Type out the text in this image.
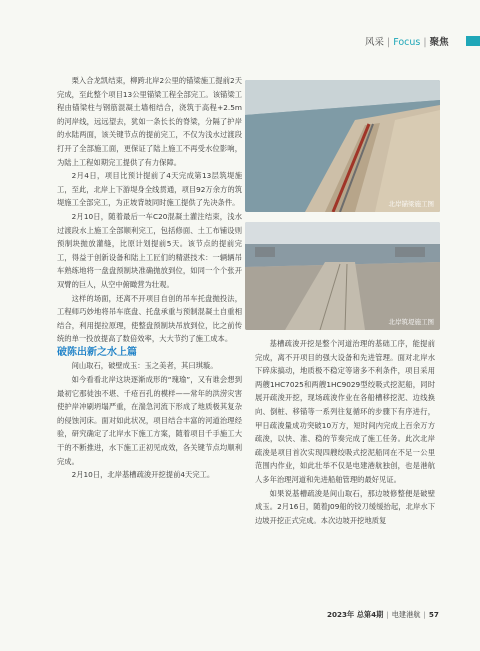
风采 | Focus | 聚焦

栗入合龙凯结束，柳跨北岸2公里的锚梁施工提前2天完成，至此整个项目13公里锚梁工程全部完工。该锚梁工程由锚梁柱与钢筋混凝土墙相结合，浇筑于高程+2.5m的河岸线，远远望去，犹如一条长长的脊梁，分隔了护岸的水陆两面，该关键节点的提前完工，不仅为浅水过渡段打开了全部施工面，更保证了陆上施工不再受水位影响，为陆上工程如期完工提供了有力保障。

2月4日，项目比预计提前了4天完成第13层筑堤施工，至此，北岸上下游堤身全线贯通，项目92万余方的筑堤施工全部完工，为正坡背坡同时施工提供了先决条件。

2月10日，随着最后一车C20混凝土灌注结束，浅水过渡段水上施工全部顺利完工，包括修面、土工布铺设则预制块抛放灌缝，比原计划提前5天。该节点的提前完工，得益于创新设备和陆上工匠们的精湛技术：一辆辆吊车熟练地将一盘盘预制块准确抛放到位，如同一个个张开双臂的巨人，从空中俯瞰营为壮观。

这样的场面，还离不开项目自创的吊车托盘抛投法，工程师巧妙地将吊车底盘、托盘承重与预制混凝土自重相结合，利用提拉原理，使整盘预制块吊放到位，比之前传统的单一投放提高了数倍效率，大大节约了施工成本。

破陈出新之水上篇

间山取石，破壁成玉：玉之美者，其曰琪璇。

如今看看北岸这块逐渐成形的“瑰瑜”，又有谁会想到最初它那徒浊不堪、千疮百孔的模样——常年的洪涝灾害使护岸冲刷坍塌严重，在湍急河流下形成了地质极其复杂的侵蚀河床。面对如此状况，项目结合丰富的河道治理经验，研究确定了北岸水下施工方案，随着项目千手施工大干的不断推进，水下施工正初见成效，各关键节点均顺利完成。

2月10日，北岸基槽疏浚开挖提前4天完工。

北岸锚梁施工图
北岸筑堤施工图

基槽疏浚开挖是整个河道治理的基础工序，能提前完成，离不开项目的强大设备和先进管理。面对北岸水下碎床搞动，地质极不稳定等诸多不利条件，项目采用两艘1HC7025和两艘1HC9029型绞吸式挖泥船，同时展开疏浚开挖，现场疏浚作业在各船槽移挖泥、边线换向、倒桩、移锚等一系列往复循环的步骤下有序进行，甲日疏浚量成功突破10万方，短时间内完成上百余万方疏浚，以快、准、稳的节奏完成了施工任务。此次北岸疏浚是项目首次实现四艘绞吸式挖泥船同在不足一公里范围内作业，如此壮举不仅是电建港航独创，也是港航人多年治理河道和先进船舶管理的最好见证。

如果说基槽疏浚是间山取石，那边坡修整便是破壁成玉。2月16日，随着J09船的铰刀缓缓抬起，北岸水下边坡开挖正式完成。本次边坡开挖地质复

2023年 总第4期 | 电建港航 | 57
